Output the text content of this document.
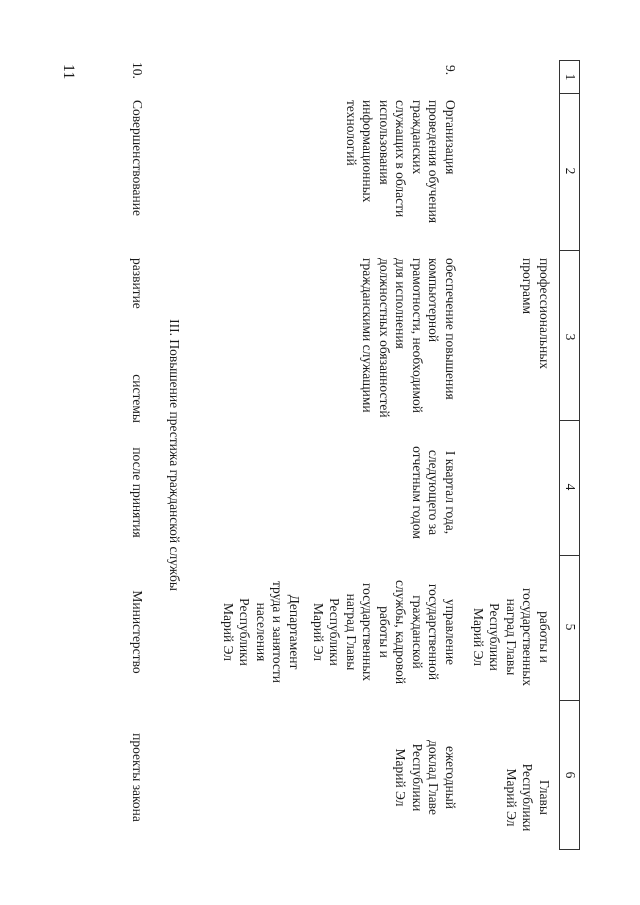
11	1
2
3
4
5
6
профессиональных
программ
работы и
государственных
наград Главы
Республики
Марий Эл
Главы
Республики
Марий Эл
9.
Организация
проведения обучения
гражданских
служащих в области
использования
информационных
технологий
обеспечение повышения
компьютерной
грамотности, необходимой
для исполнения
должностных обязанностей
гражданскими служащими
I квартал года,
следующего за
отчетным годом
управление
государственной
гражданской
службы, кадровой
работы и
государственных
наград Главы
Республики
Марий Эл
Департамент
труда и занятости
населения
Республики
Марий Эл
ежегодный
доклад Главе
Республики
Марий Эл
III. Повышение престижа гражданской службы
10.
Совершенствование
развитие системы
после принятия
Министерство
проекты закона
